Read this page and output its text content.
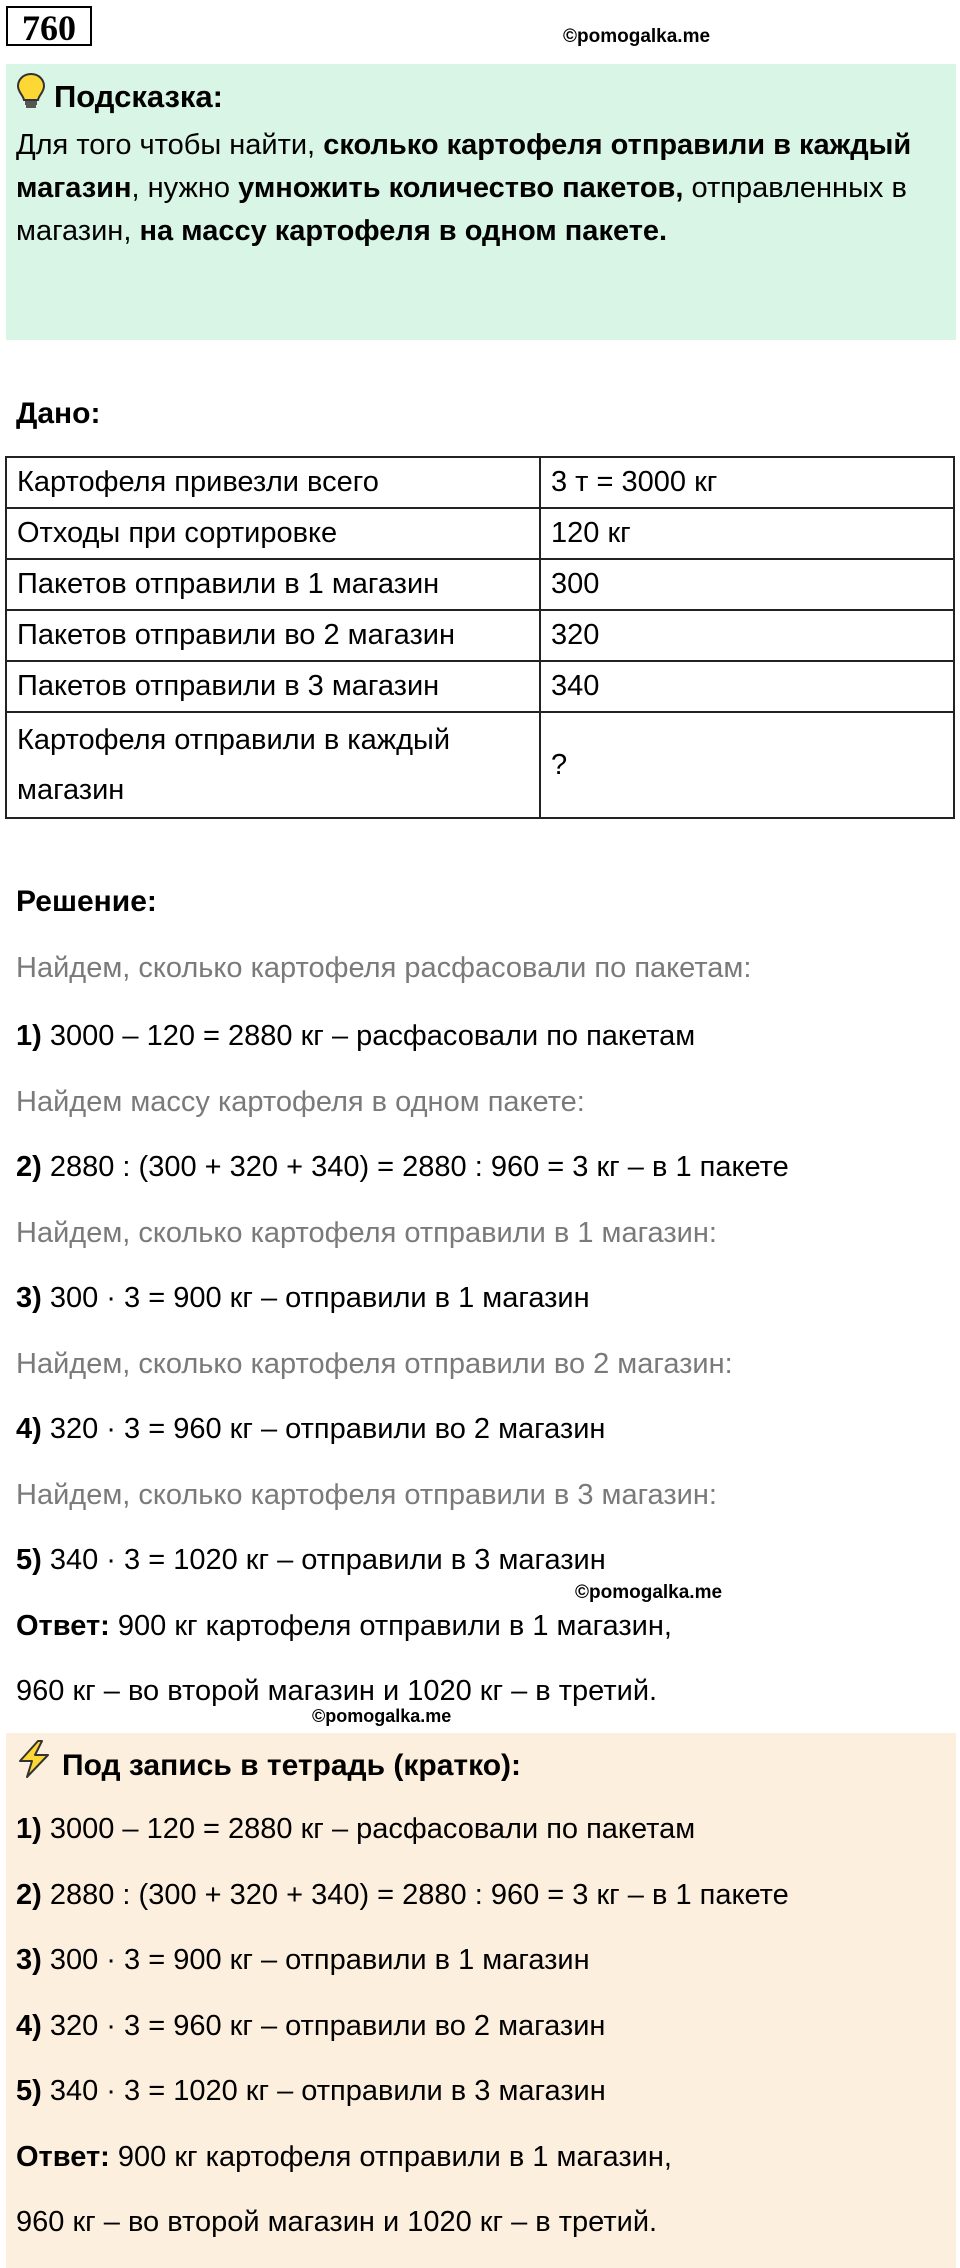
760	©pomogalka.me
Подсказка:
Для того чтобы найти, сколько картофеля отправили в каждый магазин, нужно умножить количество пакетов, отправленных в магазин, на массу картофеля в одном пакете.
Дано:
Картофеля привезли всего	3 т = 3000 кг
Отходы при сортировке	120 кг
Пакетов отправили в 1 магазин	300
Пакетов отправили во 2 магазин	320
Пакетов отправили в 3 магазин	340
Картофеля отправили в каждый магазин	?
Решение:
Найдем, сколько картофеля расфасовали по пакетам:
1) 3000 – 120 = 2880 кг – расфасовали по пакетам
Найдем массу картофеля в одном пакете:
2) 2880 : (300 + 320 + 340) = 2880 : 960 = 3 кг – в 1 пакете
Найдем, сколько картофеля отправили в 1 магазин:
3) 300 · 3 = 900 кг – отправили в 1 магазин
Найдем, сколько картофеля отправили во 2 магазин:
4) 320 · 3 = 960 кг – отправили во 2 магазин
Найдем, сколько картофеля отправили в 3 магазин:
5) 340 · 3 = 1020 кг – отправили в 3 магазин
©pomogalka.me
Ответ: 900 кг картофеля отправили в 1 магазин,
960 кг – во второй магазин и 1020 кг – в третий.
©pomogalka.me
Под запись в тетрадь (кратко):
1) 3000 – 120 = 2880 кг – расфасовали по пакетам
2) 2880 : (300 + 320 + 340) = 2880 : 960 = 3 кг – в 1 пакете
3) 300 · 3 = 900 кг – отправили в 1 магазин
4) 320 · 3 = 960 кг – отправили во 2 магазин
5) 340 · 3 = 1020 кг – отправили в 3 магазин
Ответ: 900 кг картофеля отправили в 1 магазин,
960 кг – во второй магазин и 1020 кг – в третий.
